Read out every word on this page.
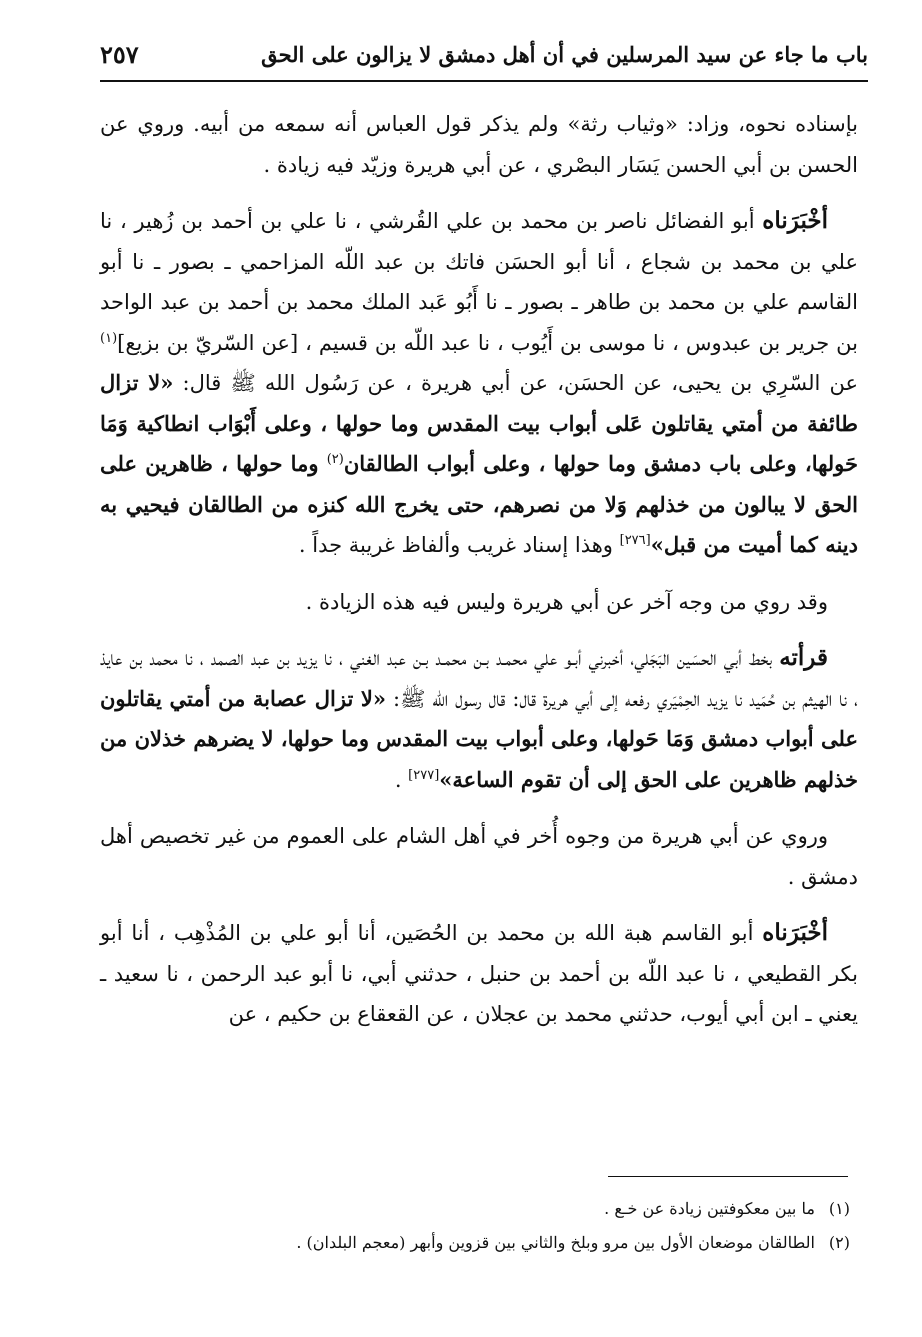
باب ما جاء عن سيد المرسلين في أن أهل دمشق لا يزالون على الحق
٢٥٧

بإسناده نحوه، وزاد: «وثياب رثة» ولم يذكر قول العباس أنه سمعه من أبيه. وروي عن الحسن بن أبي الحسن يَسَار البصْري ، عن أبي هريرة وزيّد فيه زيادة .

أخْبَرَناه أبو الفضائل ناصر بن محمد بن علي القُرشي ، نا علي بن أحمد بن زُهير ، نا علي بن محمد بن شجاع ، أنا أبو الحسَن فاتك بن عبد اللّه المزاحمي ـ بصور ـ نا أبو القاسم علي بن محمد بن طاهر ـ بصور ـ نا أَبُو عَبد الملك محمد بن أحمد بن عبد الواحد بن جرير بن عبدوس ، نا موسى بن أَيُوب ، نا عبد اللّه بن قسيم ، [عن السّريّ بن بزيع]$^{(١)}$ عن السّرِي بن يحيى، عن الحسَن، عن أبي هريرة ، عن رَسُول الله ﷺ قال: «لا تزال طائفة من أمتي يقاتلون عَلى أبواب بيت المقدس وما حولها ، وعلى أَبْوَاب انطاكية وَمَا حَولها، وعلى باب دمشق وما حولها ، وعلى أبواب الطالقان$^{(٢)}$ وما حولها ، ظاهرين على الحق لا يبالون من خذلهم وَلا من نصرهم، حتى يخرج الله كنزه من الطالقان فيحيي به دينه كما أميت من قبل»[٢٧٦] وهذا إسناد غريب وألفاظ غريبة جداً .

وقد روي من وجه آخر عن أبي هريرة وليس فيه هذه الزيادة .

قرأته بخط أبي الحسَين البَجَلي، أخبرني أبـو علي محمـد بـن محمـد بـن عبد الغني ، نا يزيد بن عبد الصمد ، نا محمد بن عايذ ، نا الهيثم بن حُمَيد نا يزيد الحِمْيَري رفعه إلى أبي هريرة قال: قال رسول الله ﷺ: «لا تزال عصابة من أمتي يقاتلون على أبواب دمشق وَمَا حَولها، وعلى أبواب بيت المقدس وما حولها، لا يضرهم خذلان من خذلهم ظاهرين على الحق إلى أن تقوم الساعة»[٢٧٧] .

وروي عن أبي هريرة من وجوه أُخر في أهل الشام على العموم من غير تخصيص أهل دمشق .

أخْبَرَناه أبو القاسم هبة الله بن محمد بن الحُصَين، أنا أبو علي بن المُذْهِب ، أنا أبو بكر القطيعي ، نا عبد اللّه بن أحمد بن حنبل ، حدثني أبي، نا أبو عبد الرحمن ، نا سعيد ـ يعني ـ ابن أبي أيوب، حدثني محمد بن عجلان ، عن القعقاع بن حكيم ، عن

(١)ما بين معكوفتين زيادة عن خـع .
(٢)الطالقان موضعان الأول بين مرو وبلخ والثاني بين قزوين وأبهر (معجم البلدان) .
